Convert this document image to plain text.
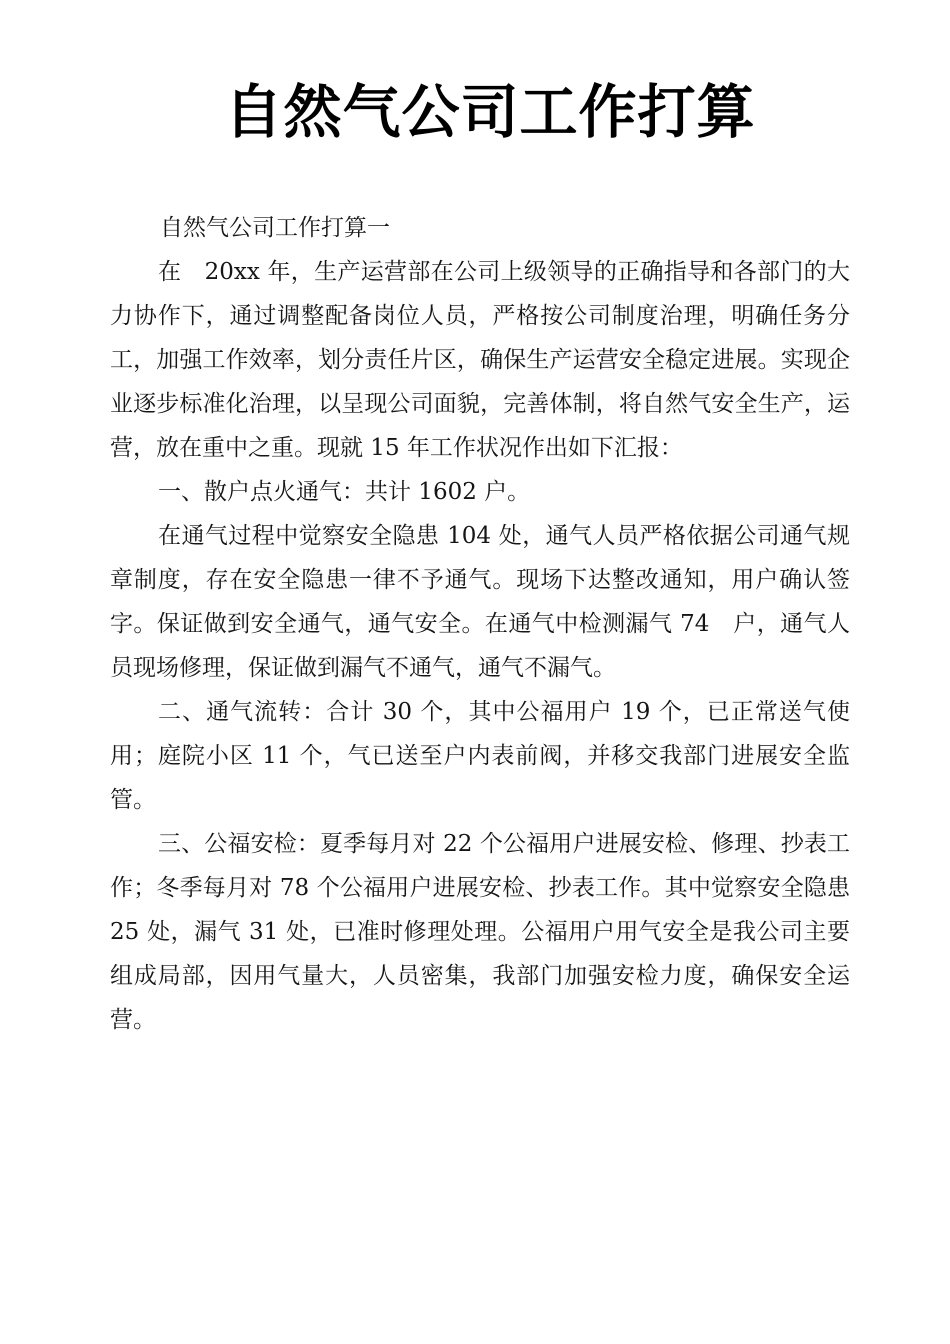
自然气公司工作打算

自然气公司工作打算一

在　20xx 年，生产运营部在公司上级领导的正确指导和各部门的大力协作下，通过调整配备岗位人员，严格按公司制度治理，明确任务分工，加强工作效率，划分责任片区，确保生产运营安全稳定进展。实现企业逐步标准化治理，以呈现公司面貌，完善体制，将自然气安全生产，运营，放在重中之重。现就 15 年工作状况作出如下汇报：

一、散户点火通气：共计 1602 户。

在通气过程中觉察安全隐患 104 处，通气人员严格依据公司通气规章制度，存在安全隐患一律不予通气。现场下达整改通知，用户确认签字。保证做到安全通气，通气安全。在通气中检测漏气 74　户，通气人员现场修理，保证做到漏气不通气，通气不漏气。

二、通气流转：合计 30 个，其中公福用户 19 个，已正常送气使用；庭院小区 11 个，气已送至户内表前阀，并移交我部门进展安全监管。

三、公福安检：夏季每月对 22 个公福用户进展安检、修理、抄表工作；冬季每月对 78 个公福用户进展安检、抄表工作。其中觉察安全隐患 25 处，漏气 31 处，已准时修理处理。公福用户用气安全是我公司主要组成局部，因用气量大，人员密集，我部门加强安检力度，确保安全运营。
